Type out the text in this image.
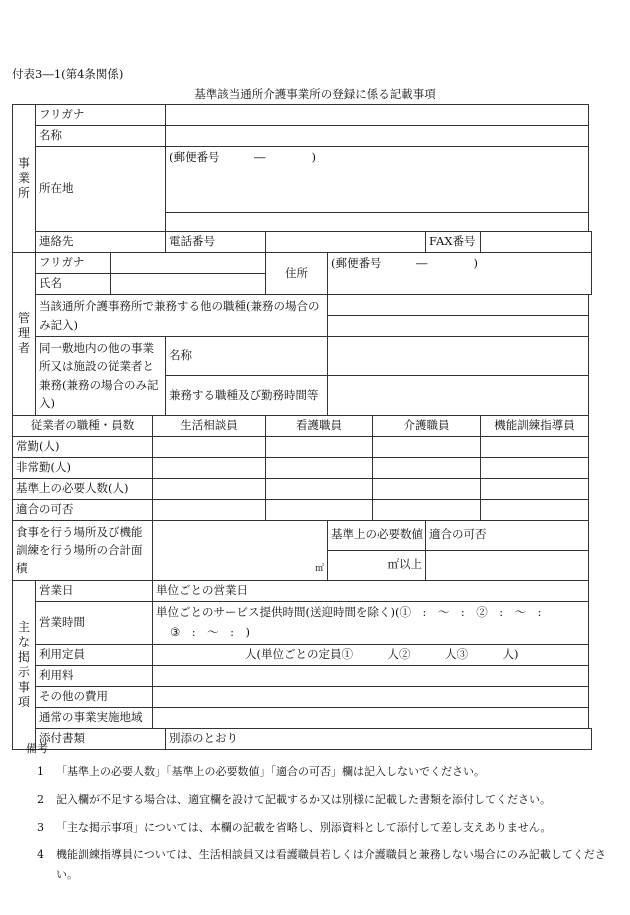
付表3―1(第4条関係)
基準該当通所介護事業所の登録に係る記載事項
事業所	フリガナ								
	名称								
	所在地			(郵便番号　　　―　　　　)					

	連絡先			電話番号				FAX番号	

管理者	フリガナ				住所	(郵便番号　　　―　　　　)			
	氏名								
	当該通所介護事務所で兼務する他の職種(兼務の場合のみ記入)								

	同一敷地内の他の事業所又は施設の従業者と兼務(兼務の場合のみ記入)			名称					
				兼務する職種及び勤務時間等					
従業者の職種・員数			生活相談員		看護職員		介護職員		機能訓練指導員
常勤(人)									
非常勤(人)									
基準上の必要人数(人)									
適合の可否									
食事を行う場所及び機能訓練を行う場所の合計面積			㎡			基準上の必要数値		適合の可否	
						㎡以上			

主な掲示事項	営業日		単位ごとの営業日						
	営業時間		単位ごとのサービス提供時間(送迎時間を除く)(①　:　～　:　②　:　～　:
③　:　～　:　)						

	利用定員		人(単位ごとの定員①　　　人②　　　人③　　　人)						
	利用料								
	その他の費用								
	通常の事業実施地域								
	添付書類			別添のとおり					
備考
1	「基準上の必要人数」「基準上の必要数値」「適合の可否」欄は記入しないでください。
2	記入欄が不足する場合は、適宜欄を設けて記載するか又は別様に記載した書類を添付してください。
3	「主な掲示事項」については、本欄の記載を省略し、別添資料として添付して差し支えありません。
4	機能訓練指導員については、生活相談員又は看護職員若しくは介護職員と兼務しない場合にのみ記載してください。
